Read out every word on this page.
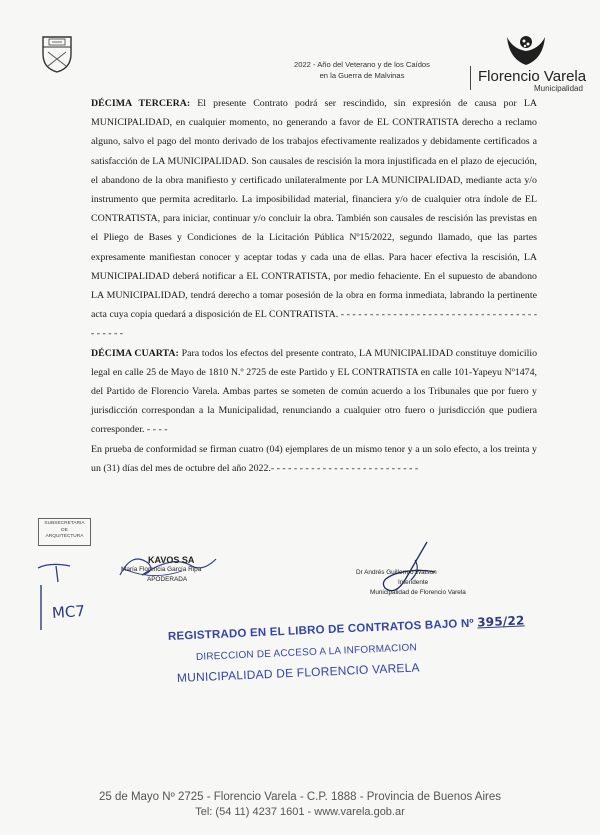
2022 - Año del Veterano y de los Caídos
en la Guerra de Malvinas	Florencio Varela
Municipalidad

DÉCIMA TERCERA: El presente Contrato podrá ser rescindido, sin expresión de causa por LA MUNICIPALIDAD, en cualquier momento, no generando a favor de EL CONTRATISTA derecho a reclamo alguno, salvo el pago del monto derivado de los trabajos efectivamente realizados y debidamente certificados a satisfacción de LA MUNICIPALIDAD. Son causales de rescisión la mora injustificada en el plazo de ejecución, el abandono de la obra manifiesto y certificado unilateralmente por LA MUNICIPALIDAD, mediante acta y/o instrumento que permita acreditarlo. La imposibilidad material, financiera y/o de cualquier otra índole de EL CONTRATISTA, para iniciar, continuar y/o concluir la obra. También son causales de rescisión las previstas en el Pliego de Bases y Condiciones de la Licitación Pública Nº15/2022, segundo llamado, que las partes expresamente manifiestan conocer y aceptar todas y cada una de ellas. Para hacer efectiva la rescisión, LA MUNICIPALIDAD deberá notificar a EL CONTRATISTA, por medio fehaciente. En el supuesto de abandono LA MUNICIPALIDAD, tendrá derecho a tomar posesión de la obra en forma inmediata, labrando la pertinente acta cuya copia quedará a disposición de EL CONTRATISTA. - - - - - - - - - - - - - - - - - - - - - - - - - - - - - - - - - - - - - - - -

DÉCIMA CUARTA: Para todos los efectos del presente contrato, LA MUNICIPALIDAD constituye domicilio legal en calle 25 de Mayo de 1810 N.º 2725 de este Partido y EL CONTRATISTA en calle 101-Yapeyu Nº1474, del Partido de Florencio Varela. Ambas partes se someten de común acuerdo a los Tribunales que por fuero y jurisdicción correspondan a la Municipalidad, renunciando a cualquier otro fuero o jurisdicción que pudiera corresponder. - - - -

En prueba de conformidad se firman cuatro (04) ejemplares de un mismo tenor y a un solo efecto, a los treinta y un (31) días del mes de octubre del año 2022.- - - - - - - - - - - - - - - - - - - - - - - - - -

SUBSECRETARIA
DE
ARQUITECTURA
MC7
KAVOS SA
María Florencia García Ripa
APODERADA
Dr Andrés Guillermo Watson
Intendente
Municipalidad de Florencio Varela
REGISTRADO EN EL LIBRO DE CONTRATOS BAJO Nº 395/22
DIRECCION DE ACCESO A LA INFORMACION
MUNICIPALIDAD DE FLORENCIO VARELA
25 de Mayo Nº 2725 - Florencio Varela - C.P. 1888 - Provincia de Buenos Aires
Tel: (54 11) 4237 1601 - www.varela.gob.ar
